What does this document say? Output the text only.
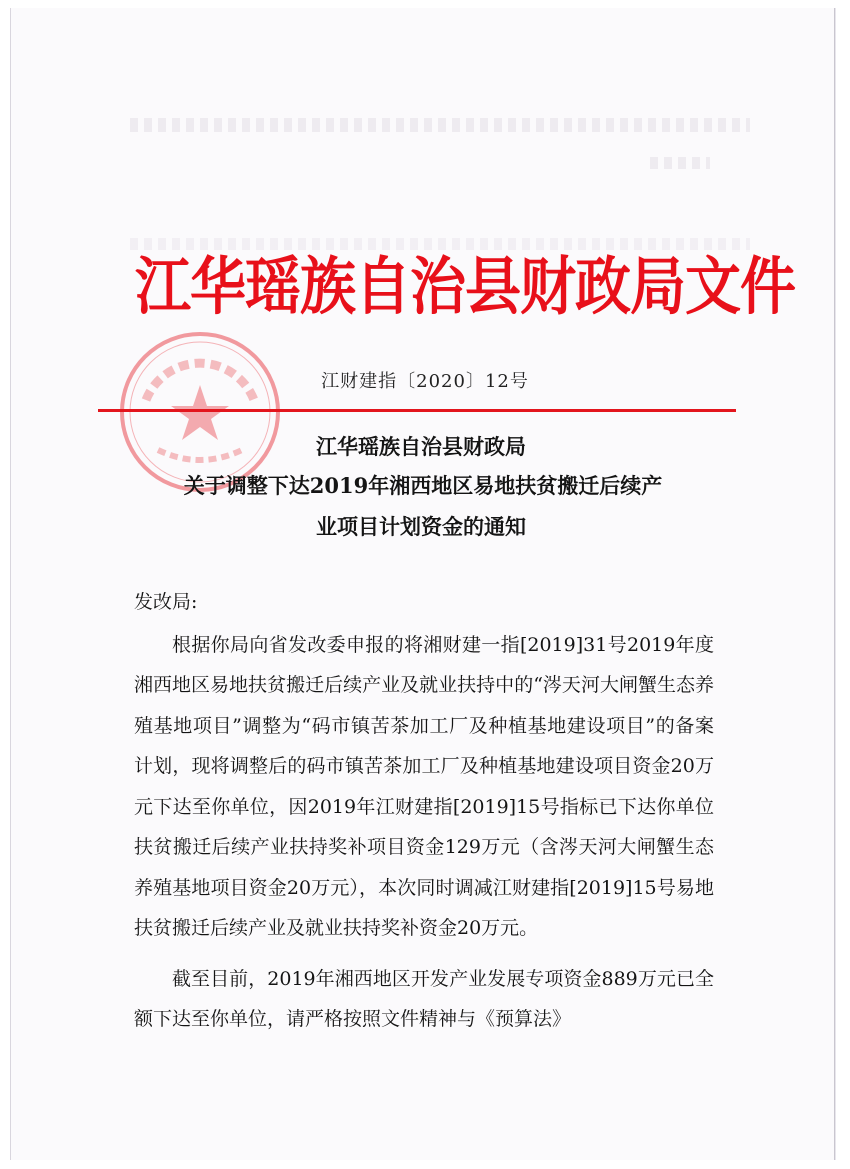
江华瑶族自治县财政局文件
江财建指〔2020〕12号
江华瑶族自治县财政局
关于调整下达2019年湘西地区易地扶贫搬迁后续产
业项目计划资金的通知

发改局:

根据你局向省发改委申报的将湘财建一指[2019]31号2019年度湘西地区易地扶贫搬迁后续产业及就业扶持中的“涔天河大闸蟹生态养殖基地项目”调整为“码市镇苦茶加工厂及种植基地建设项目”的备案计划，现将调整后的码市镇苦茶加工厂及种植基地建设项目资金20万元下达至你单位，因2019年江财建指[2019]15号指标已下达你单位扶贫搬迁后续产业扶持奖补项目资金129万元（含涔天河大闸蟹生态养殖基地项目资金20万元），本次同时调减江财建指[2019]15号易地扶贫搬迁后续产业及就业扶持奖补资金20万元。

截至目前，2019年湘西地区开发产业发展专项资金889万元已全额下达至你单位，请严格按照文件精神与《预算法》
